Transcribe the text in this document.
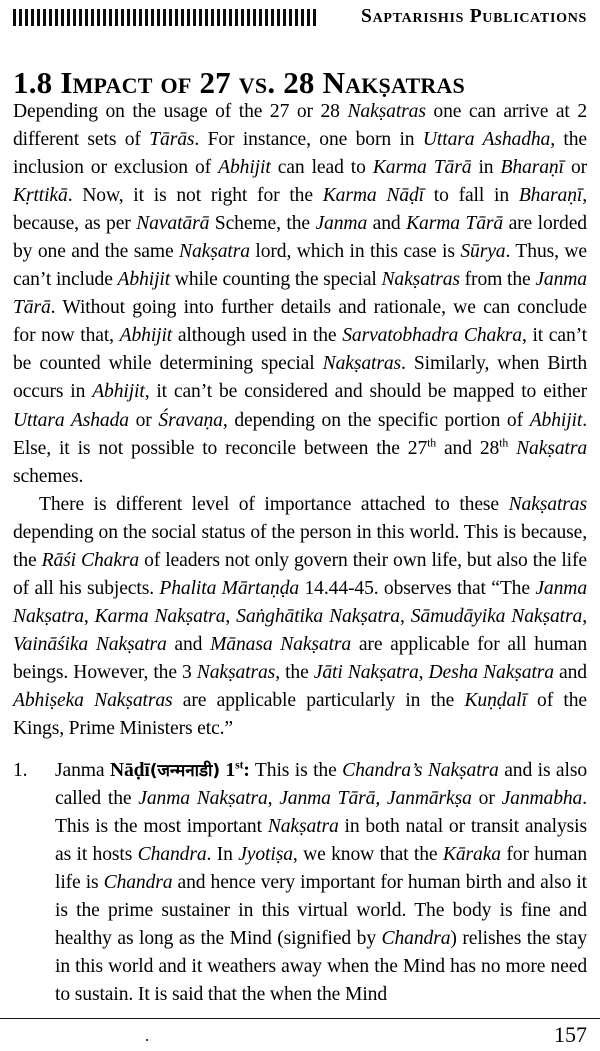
Saptarishis Publications
1.8 Impact of 27 vs. 28 Nakṣatras

Depending on the usage of the 27 or 28 Nakṣatras one can arrive at 2 different sets of Tārās. For instance, one born in Uttara Ashadha, the inclusion or exclusion of Abhijit can lead to Karma Tārā in Bharaṇī or Kṛttikā. Now, it is not right for the Karma Nāḍī to fall in Bharaṇī, because, as per Navatārā Scheme, the Janma and Karma Tārā are lorded by one and the same Nakṣatra lord, which in this case is Sūrya. Thus, we can’t include Abhijit while counting the special Nakṣatras from the Janma Tārā. Without going into further details and rationale, we can conclude for now that, Abhijit although used in the Sarvatobhadra Chakra, it can’t be counted while determining special Nakṣatras. Similarly, when Birth occurs in Abhijit, it can’t be considered and should be mapped to either Uttara Ashada or Śravaṇa, depending on the specific portion of Abhijit. Else, it is not possible to reconcile between the 27th and 28th Nakṣatra schemes.

There is different level of importance attached to these Nakṣatras depending on the social status of the person in this world. This is because, the Rāśi Chakra of leaders not only govern their own life, but also the life of all his subjects. Phalita Mārtaṇḍa 14.44-45. observes that “The Janma Nakṣatra, Karma Nakṣatra, Saṅghātika Nakṣatra, Sāmudāyika Nakṣatra, Vaināśika Nakṣatra and Mānasa Nakṣatra are applicable for all human beings. However, the 3 Nakṣatras, the Jāti Nakṣatra, Desha Nakṣatra and Abhiṣeka Nakṣatras are applicable particularly in the Kuṇḍalī of the Kings, Prime Ministers etc.”

1.	Janma Nāḍī(जन्मनाडी) 1st: This is the Chandra’s Nakṣatra and is also called the Janma Nakṣatra, Janma Tārā, Janmārkṣa or Janmabha. This is the most important Nakṣatra in both natal or transit analysis as it hosts Chandra. In Jyotiṣa, we know that the Kāraka for human life is Chandra and hence very important for human birth and also it is the prime sustainer in this virtual world. The body is fine and healthy as long as the Mind (signified by Chandra) relishes the stay in this world and it weathers away when the Mind has no more need to sustain. It is said that the when the Mind
157
